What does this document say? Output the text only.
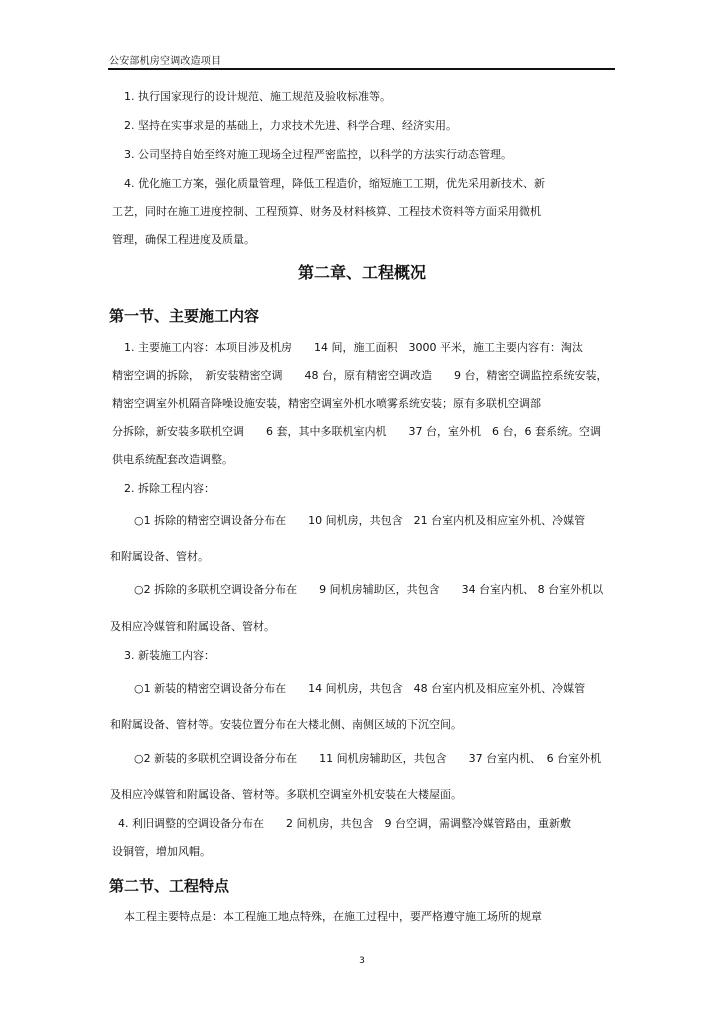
公安部机房空调改造项目
1. 执行国家现行的设计规范、施工规范及验收标准等。
2. 坚持在实事求是的基础上，力求技术先进、科学合理、经济实用。
3. 公司坚持自始至终对施工现场全过程严密监控，以科学的方法实行动态管理。
4. 优化施工方案，强化质量管理，降低工程造价，缩短施工工期，优先采用新技术、新
工艺，同时在施工进度控制、工程预算、财务及材料核算、工程技术资料等方面采用微机
管理，确保工程进度及质量。
第二章、工程概况
第一节、主要施工内容
1. 主要施工内容：本项目涉及机房　　14 间，施工面积　3000 平米，施工主要内容有：淘汰
精密空调的拆除，　新安装精密空调　　48 台，原有精密空调改造　　9 台，精密空调监控系统安装，
精密空调室外机隔音降噪设施安装，精密空调室外机水喷雾系统安装；原有多联机空调部
分拆除，新安装多联机空调　　6 套，其中多联机室内机　　37 台，室外机　6 台，6 套系统。空调
供电系统配套改造调整。
2. 拆除工程内容：
○1 拆除的精密空调设备分布在　　10 间机房，共包含　21 台室内机及相应室外机、冷媒管
和附属设备、管材。
○2 拆除的多联机空调设备分布在　　9 间机房辅助区，共包含　　34 台室内机、 8 台室外机以
及相应冷媒管和附属设备、管材。
3. 新装施工内容：
○1 新装的精密空调设备分布在　　14 间机房，共包含　48 台室内机及相应室外机、冷媒管
和附属设备、管材等。安装位置分布在大楼北侧、南侧区域的下沉空间。
○2 新装的多联机空调设备分布在　　11 间机房辅助区，共包含　　37 台室内机、　6 台室外机
及相应冷媒管和附属设备、管材等。多联机空调室外机安装在大楼屋面。
4. 利旧调整的空调设备分布在　　2 间机房，共包含　9 台空调，需调整冷媒管路由，重新敷
设铜管，增加风帽。
第二节、工程特点
本工程主要特点是：本工程施工地点特殊，在施工过程中，要严格遵守施工场所的规章
3
